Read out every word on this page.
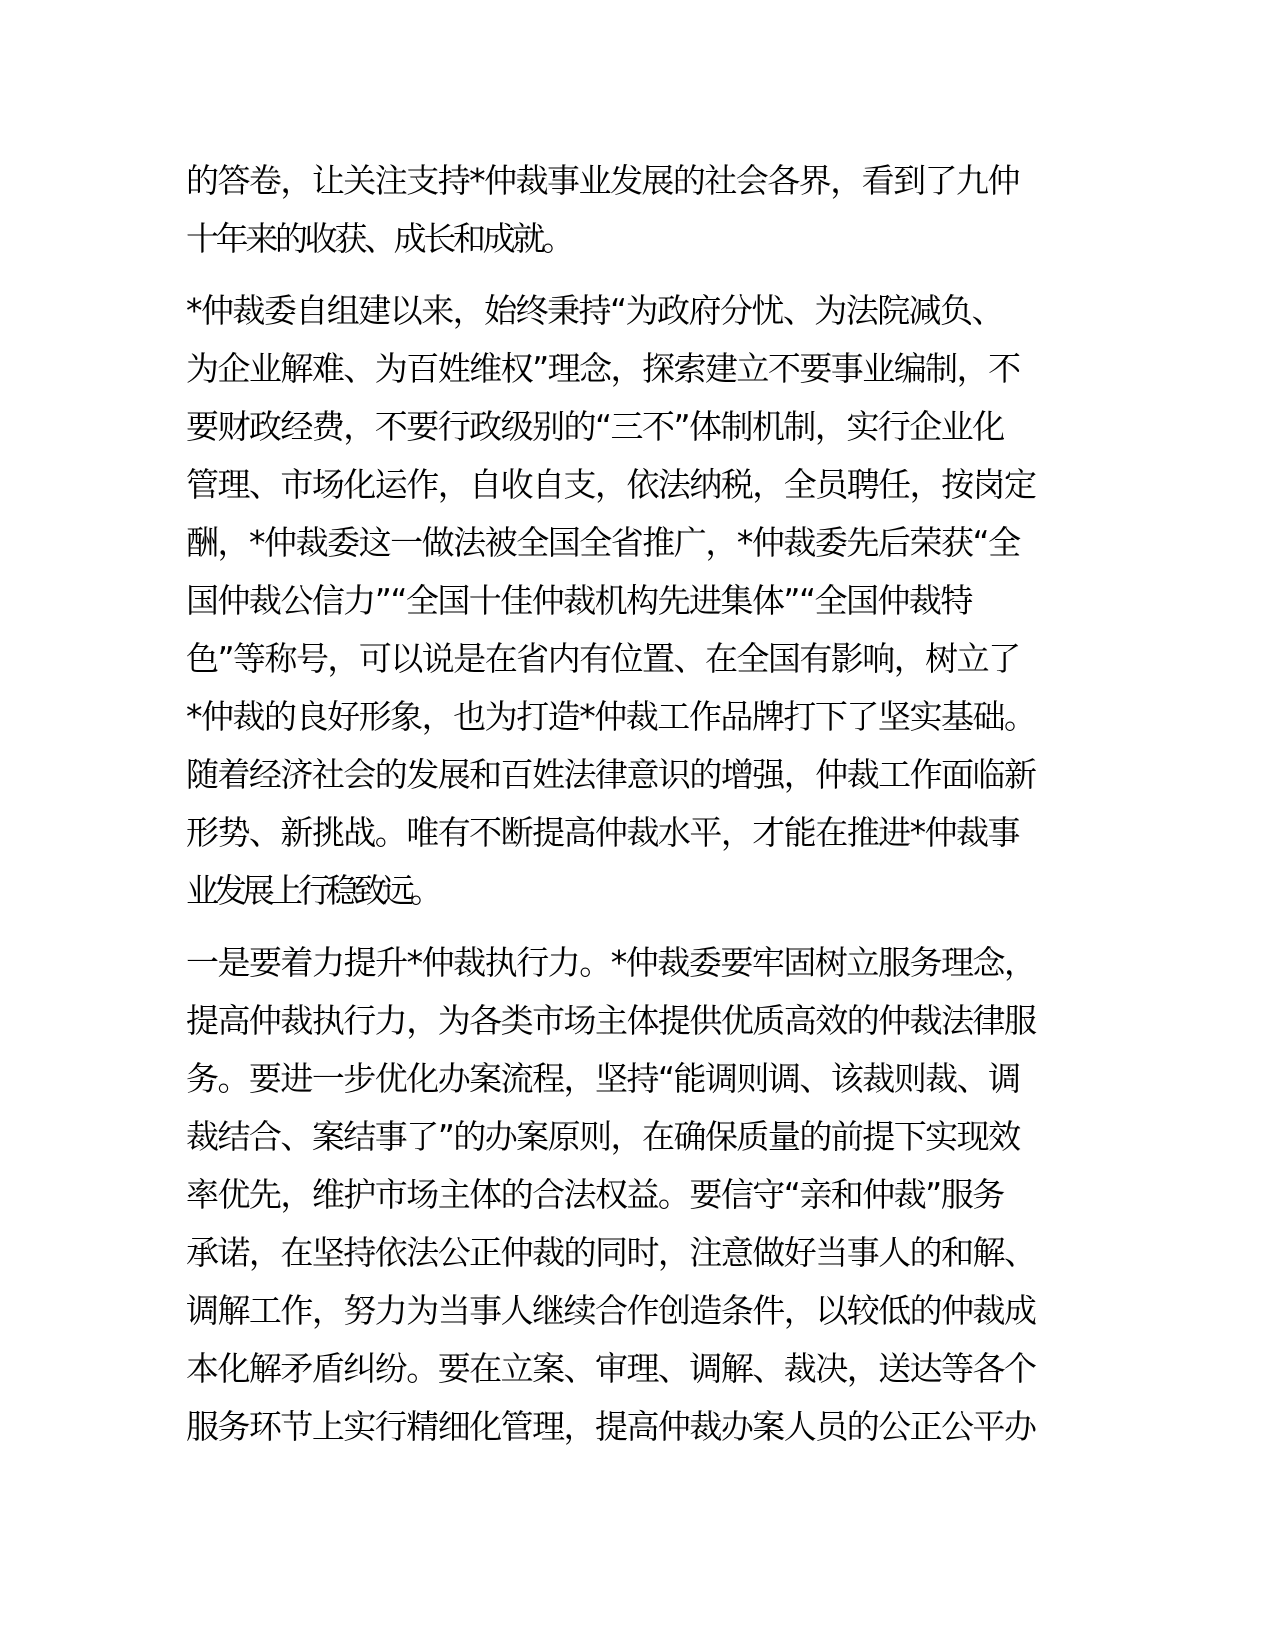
的答卷，让关注支持*仲裁事业发展的社会各界，看到了九仲
十年来的收获、成长和成就。
*仲裁委自组建以来，始终秉持“为政府分忧、为法院减负、
为企业解难、为百姓维权”理念，探索建立不要事业编制，不
要财政经费，不要行政级别的“三不”体制机制，实行企业化
管理、市场化运作，自收自支，依法纳税，全员聘任，按岗定
酬，*仲裁委这一做法被全国全省推广，*仲裁委先后荣获“全
国仲裁公信力”“全国十佳仲裁机构先进集体”“全国仲裁特
色”等称号，可以说是在省内有位置、在全国有影响，树立了
*仲裁的良好形象，也为打造*仲裁工作品牌打下了坚实基础。
随着经济社会的发展和百姓法律意识的增强，仲裁工作面临新
形势、新挑战。唯有不断提高仲裁水平，才能在推进*仲裁事
业发展上行稳致远。
一是要着力提升*仲裁执行力。*仲裁委要牢固树立服务理念，
提高仲裁执行力，为各类市场主体提供优质高效的仲裁法律服
务。要进一步优化办案流程，坚持“能调则调、该裁则裁、调
裁结合、案结事了”的办案原则，在确保质量的前提下实现效
率优先，维护市场主体的合法权益。要信守“亲和仲裁”服务
承诺，在坚持依法公正仲裁的同时，注意做好当事人的和解、
调解工作，努力为当事人继续合作创造条件，以较低的仲裁成
本化解矛盾纠纷。要在立案、审理、调解、裁决，送达等各个
服务环节上实行精细化管理，提高仲裁办案人员的公正公平办
